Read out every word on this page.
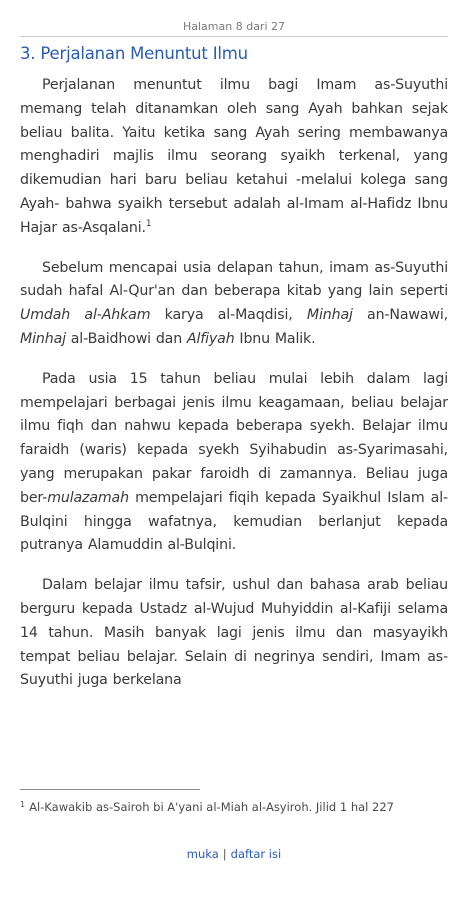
Halaman 8 dari 27
3. Perjalanan Menuntut Ilmu

Perjalanan menuntut ilmu bagi Imam as-Suyuthi memang telah ditanamkan oleh sang Ayah bahkan sejak beliau balita. Yaitu ketika sang Ayah sering membawanya menghadiri majlis ilmu seorang syaikh terkenal, yang dikemudian hari baru beliau ketahui -melalui kolega sang Ayah- bahwa syaikh tersebut adalah al-Imam al-Hafidz Ibnu Hajar as-Asqalani.$^1$

Sebelum mencapai usia delapan tahun, imam as-Suyuthi sudah hafal Al-Qur'an dan beberapa kitab yang lain seperti Umdah al-Ahkam karya al-Maqdisi, Minhaj an-Nawawi, Minhaj al-Baidhowi dan Alfiyah Ibnu Malik.

Pada usia 15 tahun beliau mulai lebih dalam lagi mempelajari berbagai jenis ilmu keagamaan, beliau belajar ilmu fiqh dan nahwu kepada beberapa syekh. Belajar ilmu faraidh (waris) kepada syekh Syihabudin as-Syarimasahi, yang merupakan pakar faroidh di zamannya. Beliau juga ber-mulazamah mempelajari fiqih kepada Syaikhul Islam al-Bulqini hingga wafatnya, kemudian berlanjut kepada putranya Alamuddin al-Bulqini.

Dalam belajar ilmu tafsir, ushul dan bahasa arab beliau berguru kepada Ustadz al-Wujud Muhyiddin al-Kafiji selama 14 tahun. Masih banyak lagi jenis ilmu dan masyayikh tempat beliau belajar. Selain di negrinya sendiri, Imam as-Suyuthi juga berkelana

$^1$ Al-Kawakib as-Sairoh bi A'yani al-Miah al-Asyiroh. Jilid 1 hal 227
muka | daftar isi
